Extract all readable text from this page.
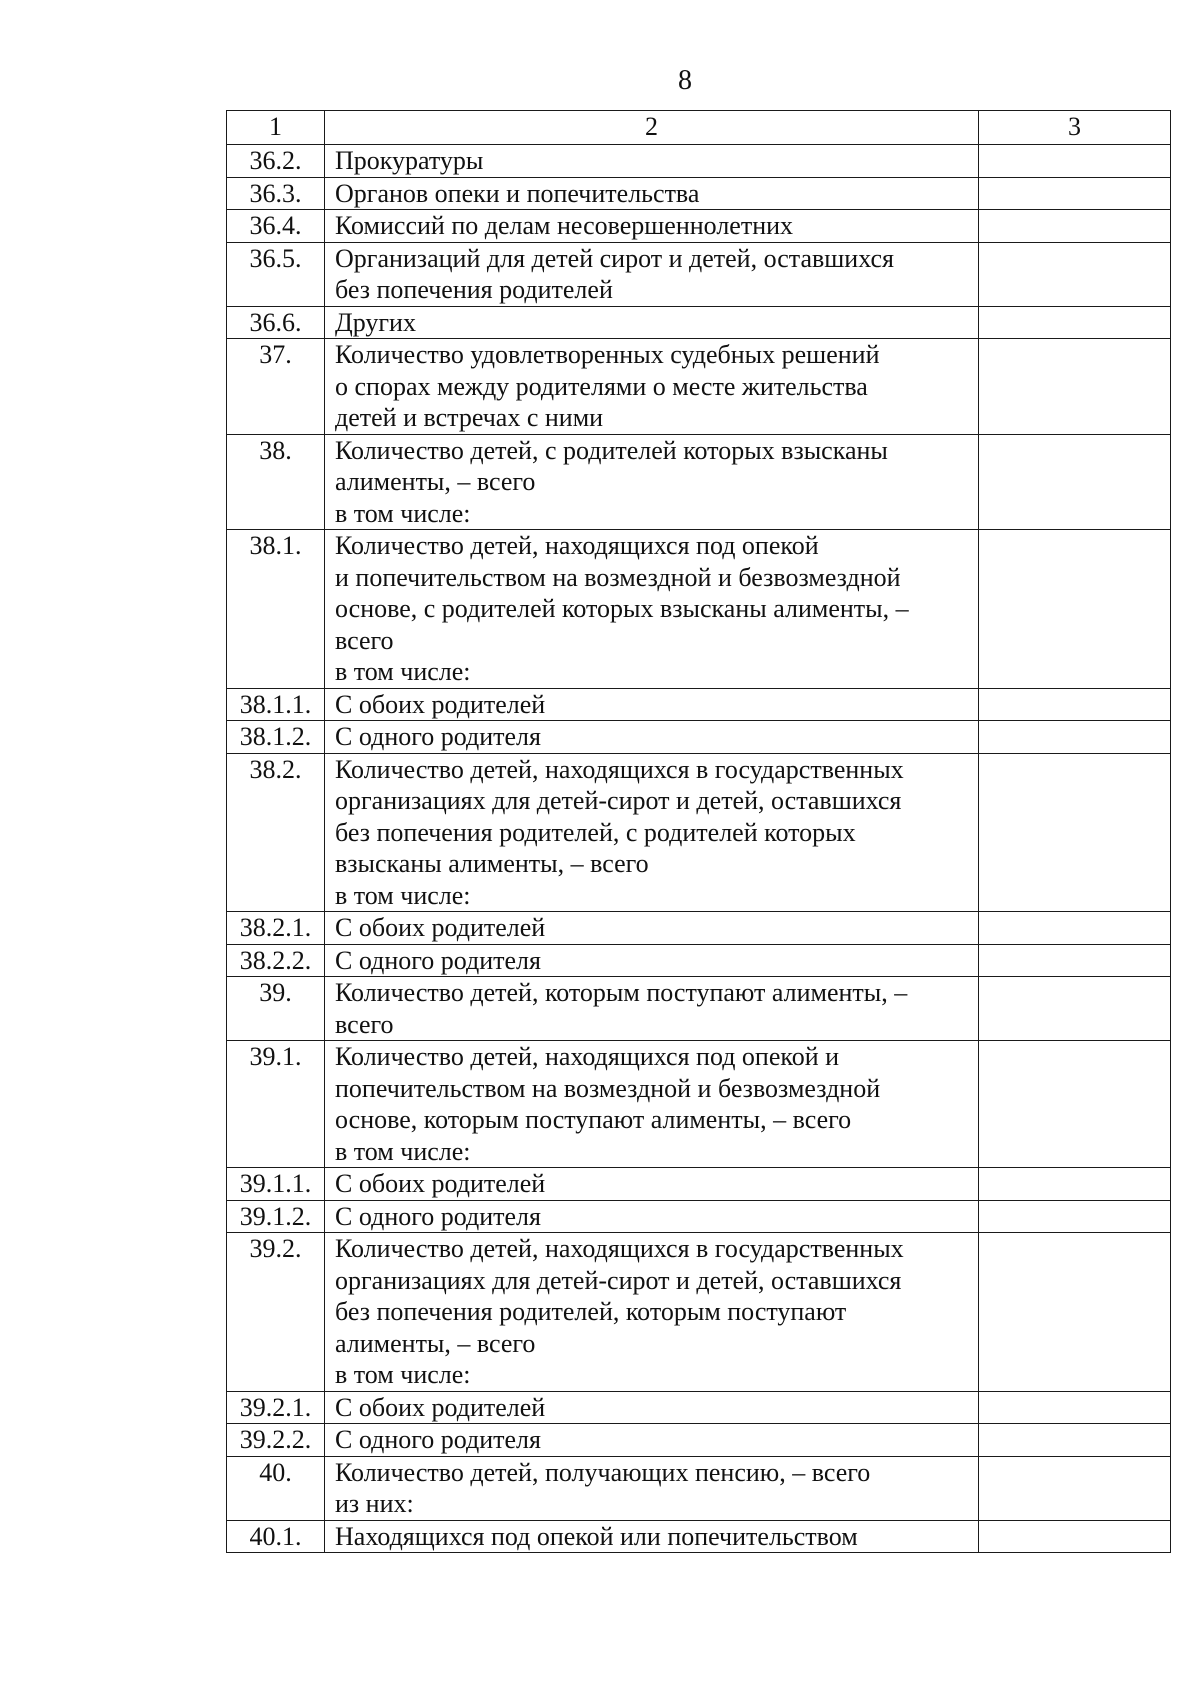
8
1	2	3
36.2.	Прокуратуры	
36.3.	Органов опеки и попечительства	
36.4.	Комиссий по делам несовершеннолетних	
36.5.	Организаций для детей сирот и детей, оставшихся
без попечения родителей	
36.6.	Других	
37.	Количество удовлетворенных судебных решений
о спорах между родителями о месте жительства
детей и встречах с ними	
38.	Количество детей, с родителей которых взысканы
алименты, – всего
в том числе:	
38.1.	Количество детей, находящихся под опекой
и попечительством на возмездной и безвозмездной
основе, с родителей которых взысканы алименты, –
всего
в том числе:	
38.1.1.	С обоих родителей	
38.1.2.	С одного родителя	
38.2.	Количество детей, находящихся в государственных
организациях для детей-сирот и детей, оставшихся
без попечения родителей, с родителей которых
взысканы алименты, – всего
в том числе:	
38.2.1.	С обоих родителей	
38.2.2.	С одного родителя	
39.	Количество детей, которым поступают алименты, –
всего	
39.1.	Количество детей, находящихся под опекой и
попечительством на возмездной и безвозмездной
основе, которым поступают алименты, – всего
в том числе:	
39.1.1.	С обоих родителей	
39.1.2.	С одного родителя	
39.2.	Количество детей, находящихся в государственных
организациях для детей-сирот и детей, оставшихся
без попечения родителей, которым поступают
алименты, – всего
в том числе:	
39.2.1.	С обоих родителей	
39.2.2.	С одного родителя	
40.	Количество детей, получающих пенсию, – всего
из них:	
40.1.	Находящихся под опекой или попечительством	
